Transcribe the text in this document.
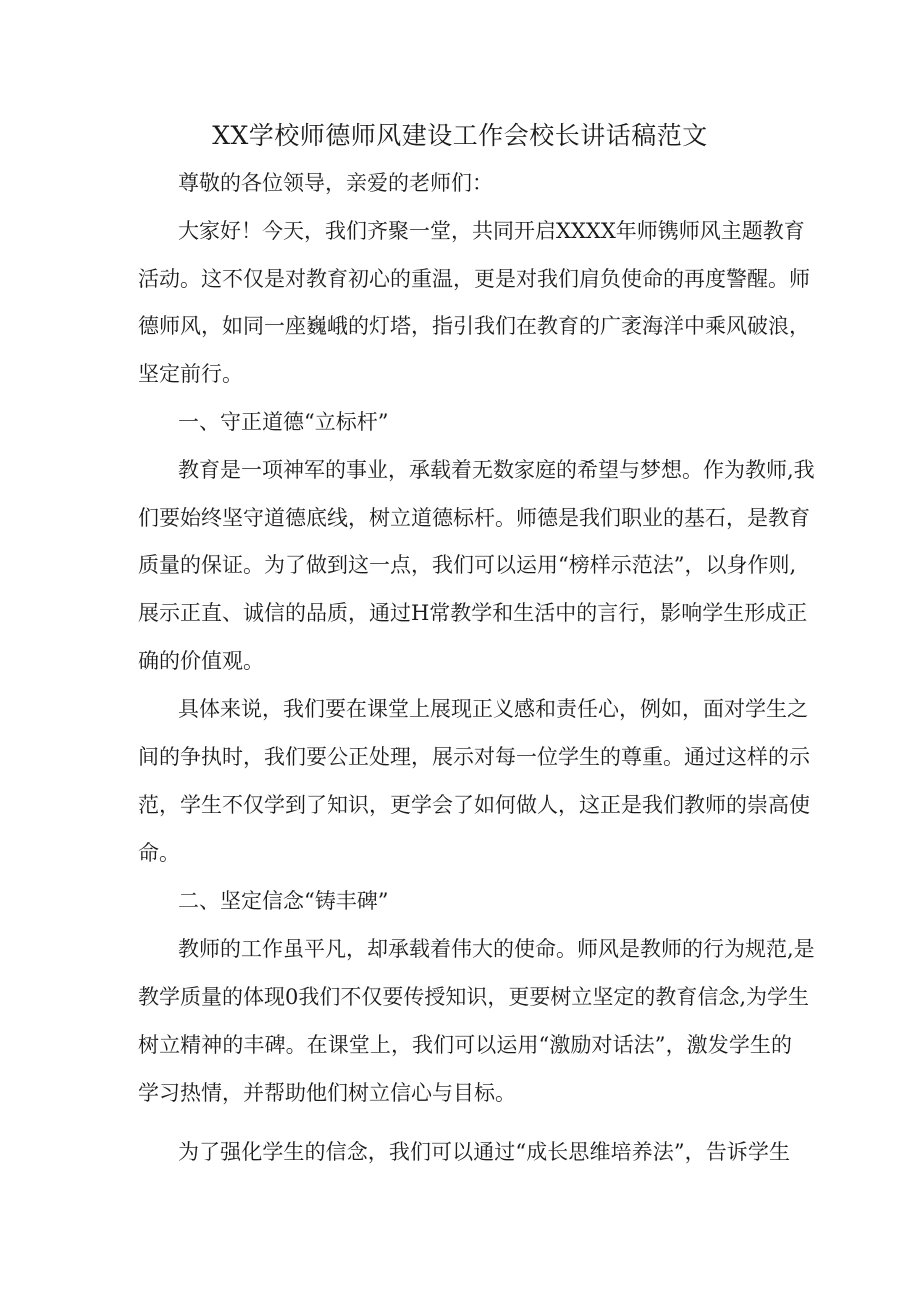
XX学校师德师风建设工作会校长讲话稿范文
尊敬的各位领导，亲爱的老师们：
大家好！今天，我们齐聚一堂，共同开启XXXX年师镌师风主题教育
活动。这不仅是对教育初心的重温，更是对我们肩负使命的再度警醒。师
德师风，如同一座巍峨的灯塔，指引我们在教育的广袤海洋中乘风破浪，
坚定前行。
一、守正道德“立标杆”
教育是一项神军的事业，承载着无数家庭的希望与梦想。作为教师,我
们要始终坚守道德底线，树立道德标杆。师德是我们职业的基石，是教育
质量的保证。为了做到这一点，我们可以运用“榜样示范法”，以身作则,
展示正直、诚信的品质，通过H常教学和生活中的言行，影响学生形成正
确的价值观。
具体来说，我们要在课堂上展现正义感和责任心，例如，面对学生之
间的争执时，我们要公正处理，展示对每一位学生的尊重。通过这样的示
范，学生不仅学到了知识，更学会了如何做人，这正是我们教师的崇高使
命。
二、坚定信念“铸丰碑”
教师的工作虽平凡，却承载着伟大的使命。师风是教师的行为规范,是
教学质量的体现0我们不仅要传授知识，更要树立坚定的教育信念,为学生
树立精神的丰碑。在课堂上，我们可以运用“激励对话法”，激发学生的
学习热情，并帮助他们树立信心与目标。
为了强化学生的信念，我们可以通过“成长思维培养法”，告诉学生
